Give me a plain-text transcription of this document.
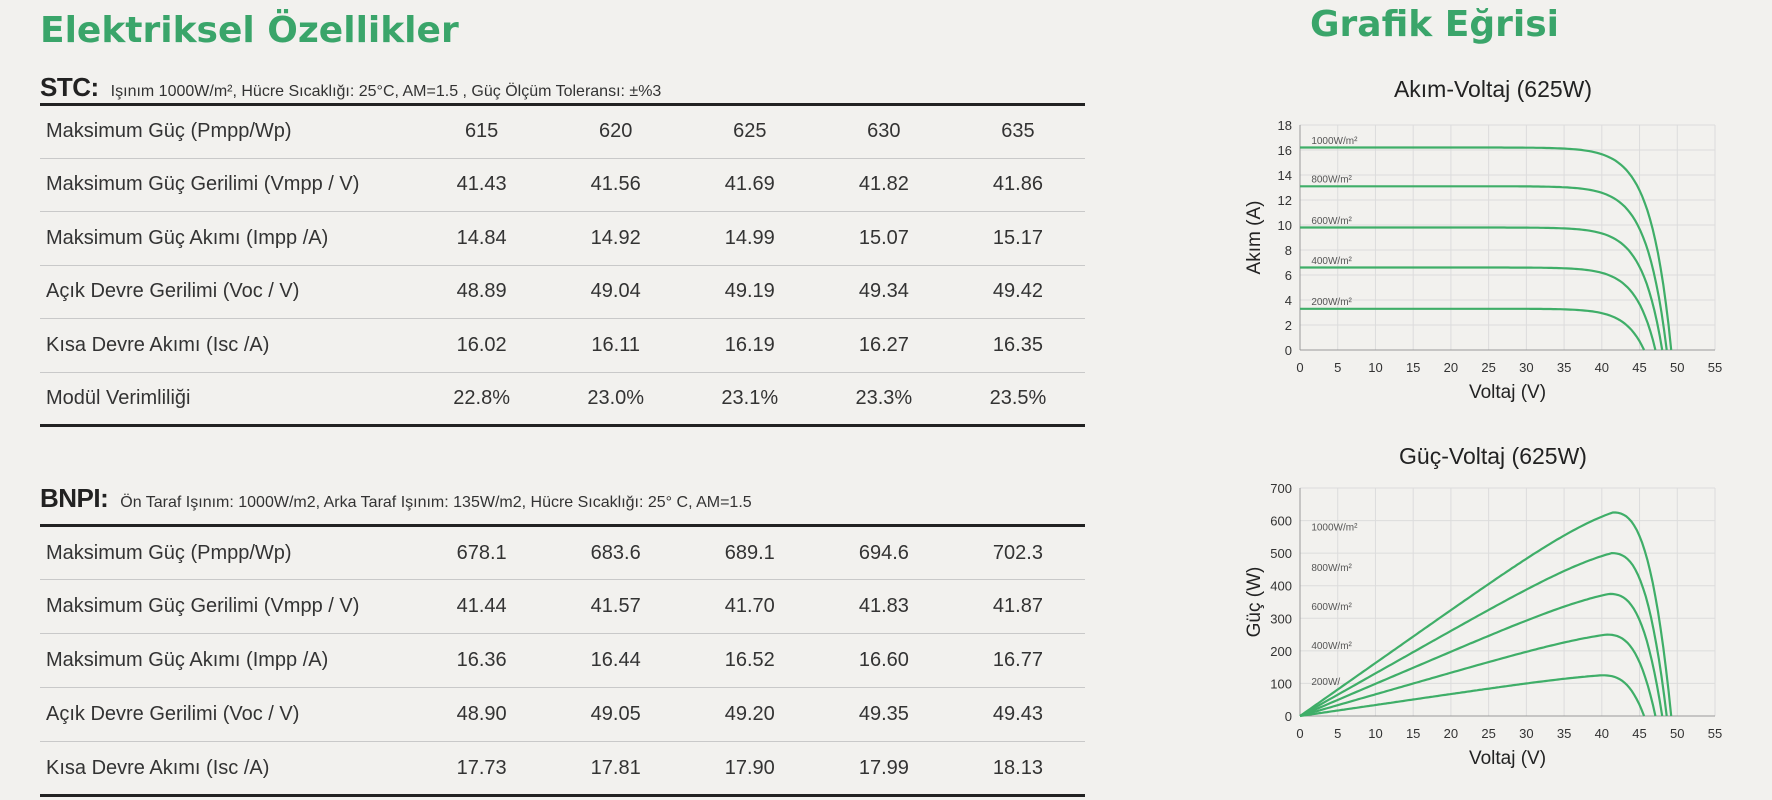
Elektriksel Özellikler	Grafik Eğrisi
STC: Işınım 1000W/m², Hücre Sıcaklığı: 25°C, AM=1.5 , Güç Ölçüm Toleransı: ±%3
Maksimum Güç (Pmpp/Wp)	615	620	625	630	635
Maksimum Güç Gerilimi (Vmpp / V)	41.43	41.56	41.69	41.82	41.86
Maksimum Güç Akımı (Impp /A)	14.84	14.92	14.99	15.07	15.17
Açık Devre Gerilimi (Voc / V)	48.89	49.04	49.19	49.34	49.42
Kısa Devre Akımı (Isc /A)	16.02	16.11	16.19	16.27	16.35
Modül Verimliliği	22.8%	23.0%	23.1%	23.3%	23.5%
BNPI: Ön Taraf Işınım: 1000W/m2, Arka Taraf Işınım: 135W/m2, Hücre Sıcaklığı: 25° C, AM=1.5
Maksimum Güç (Pmpp/Wp)	678.1	683.6	689.1	694.6	702.3
Maksimum Güç Gerilimi (Vmpp / V)	41.44	41.57	41.70	41.83	41.87
Maksimum Güç Akımı (Impp /A)	16.36	16.44	16.52	16.60	16.77
Açık Devre Gerilimi (Voc / V)	48.90	49.05	49.20	49.35	49.43
Kısa Devre Akımı (Isc /A)	17.73	17.81	17.90	17.99	18.13
Akım-Voltaj (625W)
0 5 10 15 20 25 30 35 40 45 50 55
0
2
4
6
8
10
12
14
16
18
Voltaj (V)
Akım (A)
1000W/m²
800W/m²
600W/m²
400W/m²
200W/m²
Güç-Voltaj (625W)
0 5 10 15 20 25 30 35 40 45 50 55
0
100
200
300
400
500
600
700
Voltaj (V)
Güç (W)
1000W/m²
800W/m²
600W/m²
400W/m²
200W/
